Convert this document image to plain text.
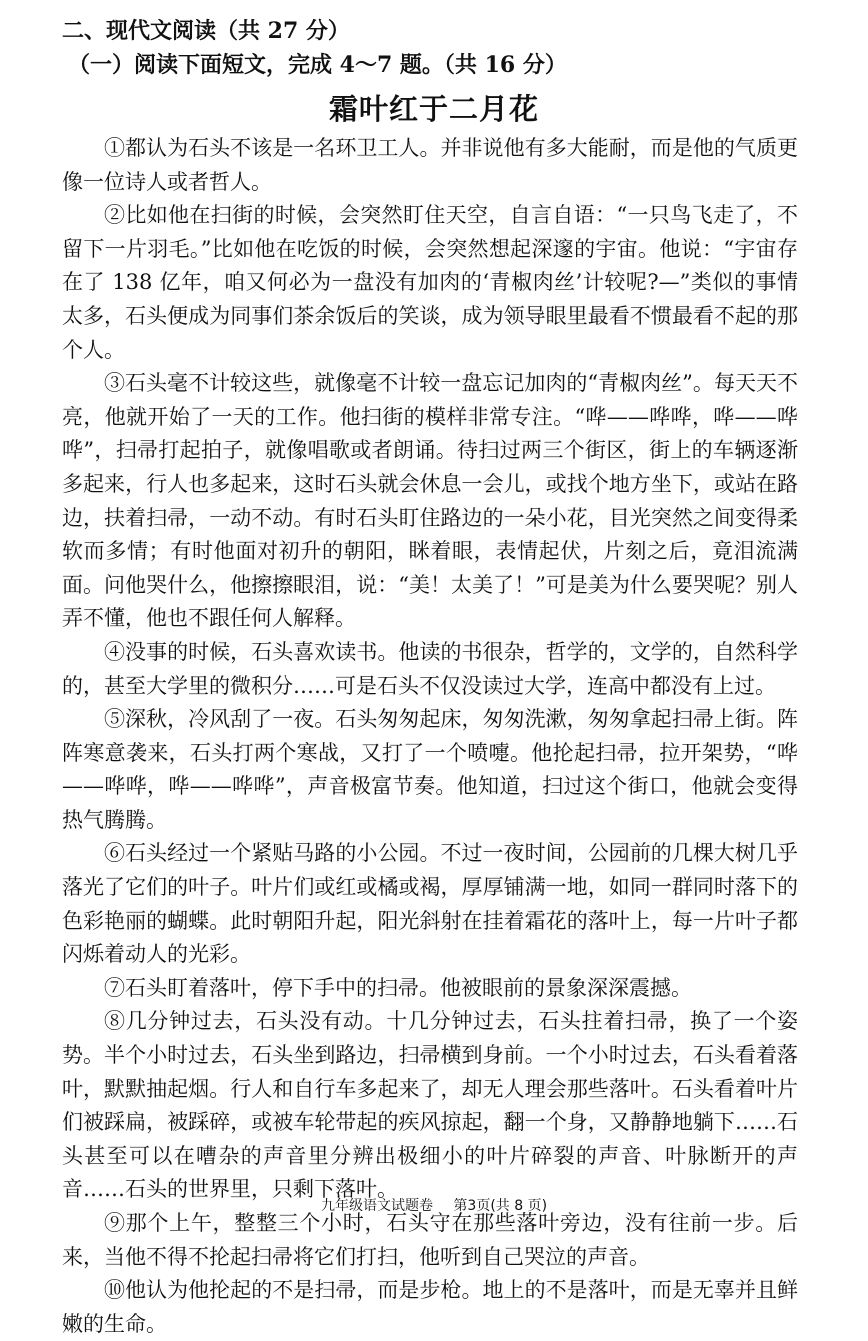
二、现代文阅读（共 27 分）
（一）阅读下面短文，完成 4～7 题。（共 16 分）
霜叶红于二月花

①都认为石头不该是一名环卫工人。并非说他有多大能耐，而是他的气质更像一位诗人或者哲人。

②比如他在扫街的时候，会突然盯住天空，自言自语：“一只鸟飞走了，不留下一片羽毛。”比如他在吃饭的时候，会突然想起深邃的宇宙。他说：“宇宙存在了 138 亿年，咱又何必为一盘没有加肉的‘青椒肉丝’计较呢?—”类似的事情太多，石头便成为同事们茶余饭后的笑谈，成为领导眼里最看不惯最看不起的那个人。

③石头毫不计较这些，就像毫不计较一盘忘记加肉的“青椒肉丝”。每天天不亮，他就开始了一天的工作。他扫街的模样非常专注。“哗——哗哗，哗——哗哗”，扫帚打起拍子，就像唱歌或者朗诵。待扫过两三个街区，街上的车辆逐渐多起来，行人也多起来，这时石头就会休息一会儿，或找个地方坐下，或站在路边，扶着扫帚，一动不动。有时石头盯住路边的一朵小花，目光突然之间变得柔软而多情；有时他面对初升的朝阳，眯着眼，表情起伏，片刻之后，竟泪流满面。问他哭什么，他擦擦眼泪，说：“美！太美了！”可是美为什么要哭呢？别人弄不懂，他也不跟任何人解释。

④没事的时候，石头喜欢读书。他读的书很杂，哲学的，文学的，自然科学的，甚至大学里的微积分……可是石头不仅没读过大学，连高中都没有上过。

⑤深秋，冷风刮了一夜。石头匆匆起床，匆匆洗漱，匆匆拿起扫帚上街。阵阵寒意袭来，石头打两个寒战，又打了一个喷嚏。他抡起扫帚，拉开架势，“哗——哗哗，哗——哗哗”，声音极富节奏。他知道，扫过这个街口，他就会变得热气腾腾。

⑥石头经过一个紧贴马路的小公园。不过一夜时间，公园前的几棵大树几乎落光了它们的叶子。叶片们或红或橘或褐，厚厚铺满一地，如同一群同时落下的色彩艳丽的蝴蝶。此时朝阳升起，阳光斜射在挂着霜花的落叶上，每一片叶子都闪烁着动人的光彩。

⑦石头盯着落叶，停下手中的扫帚。他被眼前的景象深深震撼。

⑧几分钟过去，石头没有动。十几分钟过去，石头拄着扫帚，换了一个姿势。半个小时过去，石头坐到路边，扫帚横到身前。一个小时过去，石头看着落叶，默默抽起烟。行人和自行车多起来了，却无人理会那些落叶。石头看着叶片们被踩扁，被踩碎，或被车轮带起的疾风掠起，翻一个身，又静静地躺下……石头甚至可以在嘈杂的声音里分辨出极细小的叶片碎裂的声音、叶脉断开的声音……石头的世界里，只剩下落叶。

⑨那个上午，整整三个小时，石头守在那些落叶旁边，没有往前一步。后来，当他不得不抡起扫帚将它们打扫，他听到自己哭泣的声音。

⑩他认为他抡起的不是扫帚，而是步枪。地上的不是落叶，而是无辜并且鲜嫩的生命。

九年级语文试题卷 第3页(共 8 页)
